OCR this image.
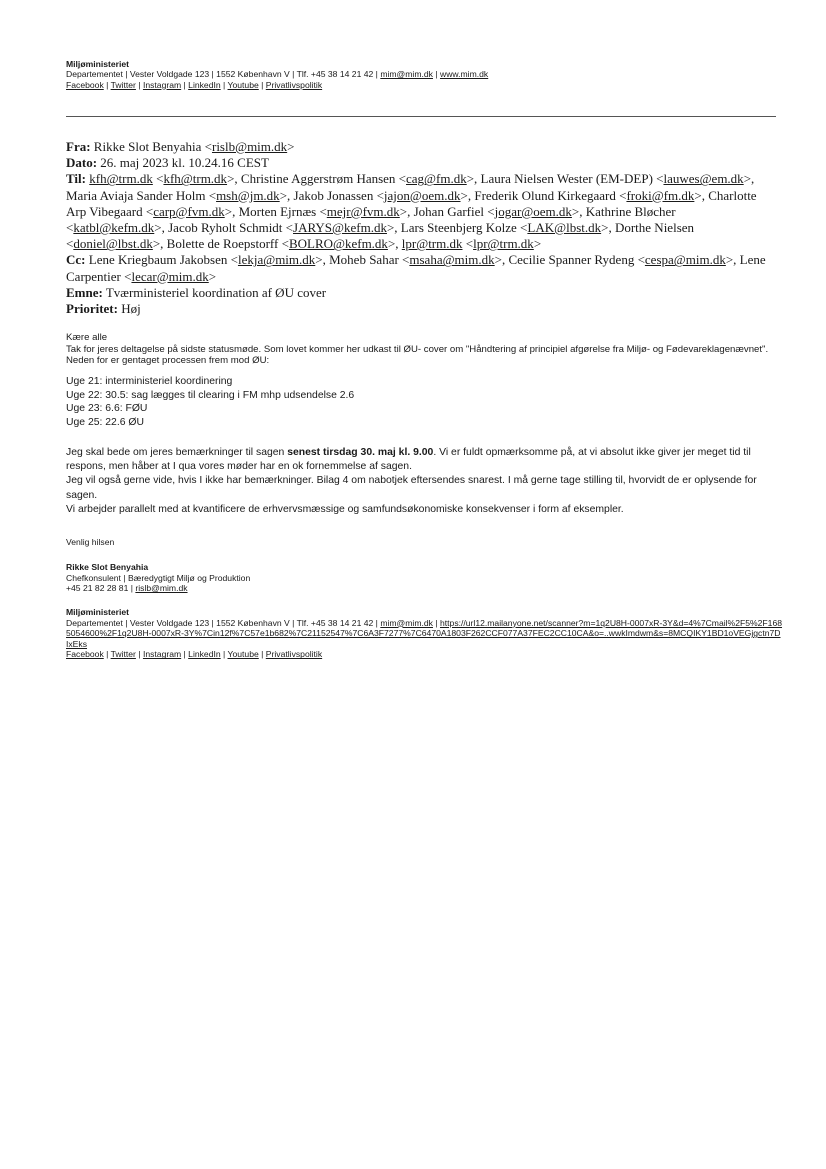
Miljøministeriet
Departementet | Vester Voldgade 123 | 1552 København V | Tlf. +45 38 14 21 42 | mim@mim.dk | www.mim.dk
Facebook | Twitter | Instagram | LinkedIn | Youtube | Privatlivspolitik
Fra: Rikke Slot Benyahia <rislb@mim.dk>
Dato: 26. maj 2023 kl. 10.24.16 CEST
Til: kfh@trm.dk <kfh@trm.dk>, Christine Aggerstrøm Hansen <cag@fm.dk>, Laura Nielsen Wester (EM-DEP) <lauwes@em.dk>, Maria Aviaja Sander Holm <msh@jm.dk>, Jakob Jonassen <jajon@oem.dk>, Frederik Olund Kirkegaard <froki@fm.dk>, Charlotte Arp Vibegaard <carp@fvm.dk>, Morten Ejrnæs <mejr@fvm.dk>, Johan Garfiel <jogar@oem.dk>, Kathrine Bløcher <katbl@kefm.dk>, Jacob Ryholt Schmidt <JARYS@kefm.dk>, Lars Steenbjerg Kolze <LAK@lbst.dk>, Dorthe Nielsen <doniel@lbst.dk>, Bolette de Roepstorff <BOLRO@kefm.dk>, lpr@trm.dk <lpr@trm.dk>
Cc: Lene Kriegbaum Jakobsen <lekja@mim.dk>, Moheb Sahar <msaha@mim.dk>, Cecilie Spanner Rydeng <cespa@mim.dk>, Lene Carpentier <lecar@mim.dk>
Emne: Tværministeriel koordination af ØU cover
Prioritet: Høj

Kære alle

Tak for jeres deltagelse på sidste statusmøde. Som lovet kommer her udkast til ØU- cover om "Håndtering af principiel afgørelse fra Miljø- og Fødevareklagenævnet". Neden for er gentaget processen frem mod ØU:

Uge 21: interministeriel koordinering
Uge 22: 30.5: sag lægges til clearing i FM mhp udsendelse 2.6
Uge 23: 6.6: FØU
Uge 25: 22.6 ØU

Jeg skal bede om jeres bemærkninger til sagen senest tirsdag 30. maj kl. 9.00. Vi er fuldt opmærksomme på, at vi absolut ikke giver jer meget tid til respons, men håber at I qua vores møder har en ok fornemmelse af sagen.

Jeg vil også gerne vide, hvis I ikke har bemærkninger. Bilag 4 om nabotjek eftersendes snarest. I må gerne tage stilling til, hvorvidt de er oplysende for sagen.

Vi arbejder parallelt med at kvantificere de erhvervsmæssige og samfundsøkonomiske konsekvenser i form af eksempler.

Venlig hilsen
Rikke Slot Benyahia
Chefkonsulent | Bæredygtigt Miljø og Produktion
+45 21 82 28 81 | rislb@mim.dk
Miljøministeriet
Departementet | Vester Voldgade 123 | 1552 København V | Tlf. +45 38 14 21 42 | mim@mim.dk | https://url12.mailanyone.net/scanner?m=1q2U8H-0007xR-3Y&d=4%7Cmail%2F5%2F1685054600%2F1q2U8H-0007xR-3Y%7Cin12f%7C57e1b682%7C21152547%7C6A3F7277%7C6470A1803F262CCF077A37FEC2CC10CA&o=..wwkImdwm&s=8MCQIKY1BD1oVEGjgctn7DIxEks
Facebook | Twitter | Instagram | LinkedIn | Youtube | Privatlivspolitik
